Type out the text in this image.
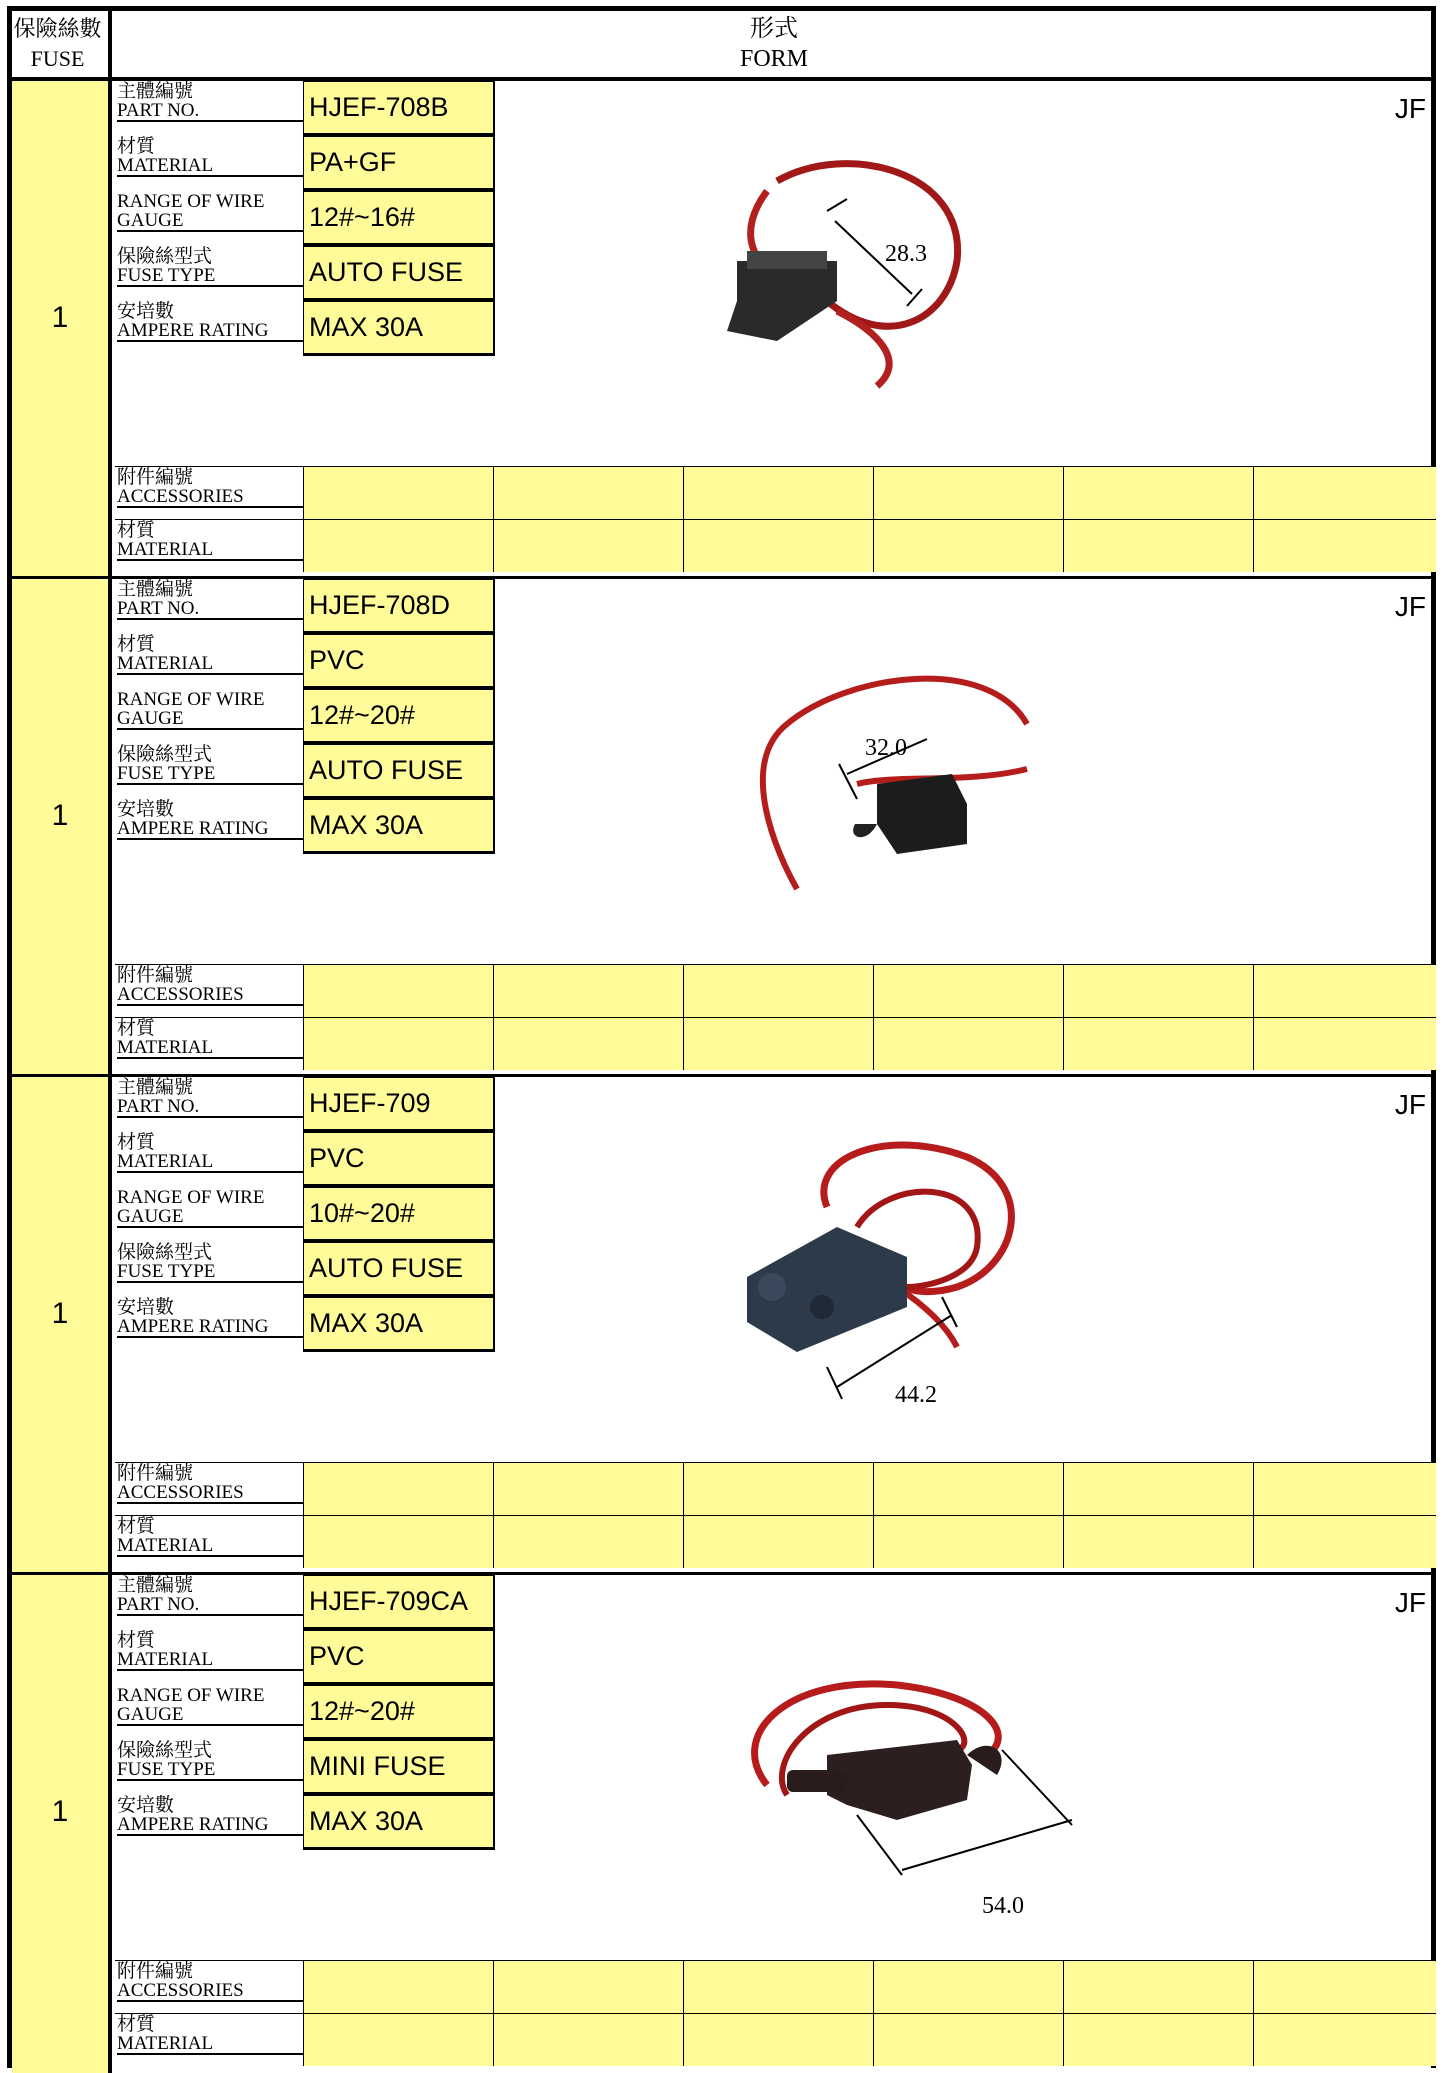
保險絲數
FUSE
形式
FORM
1
主體編號
PART NO.	HJEF-708B
材質
MATERIAL	PA+GF
RANGE OF WIRE
GAUGE	12#~16#
保險絲型式
FUSE TYPE	AUTO FUSE
安培數
AMPERE RATING	MAX 30A
JF
28.3
附件編號
ACCESSORIES
材質
MATERIAL
1
主體編號
PART NO.	HJEF-708D
材質
MATERIAL	PVC
RANGE OF WIRE
GAUGE	12#~20#
保險絲型式
FUSE TYPE	AUTO FUSE
安培數
AMPERE RATING	MAX 30A
JF
32.0
附件編號
ACCESSORIES
材質
MATERIAL
1
主體編號
PART NO.	HJEF-709
材質
MATERIAL	PVC
RANGE OF WIRE
GAUGE	10#~20#
保險絲型式
FUSE TYPE	AUTO FUSE
安培數
AMPERE RATING	MAX 30A
JF
44.2
附件編號
ACCESSORIES
材質
MATERIAL
1
主體編號
PART NO.	HJEF-709CA
材質
MATERIAL	PVC
RANGE OF WIRE
GAUGE	12#~20#
保險絲型式
FUSE TYPE	MINI FUSE
安培數
AMPERE RATING	MAX 30A
JF
54.0
附件編號
ACCESSORIES
材質
MATERIAL
